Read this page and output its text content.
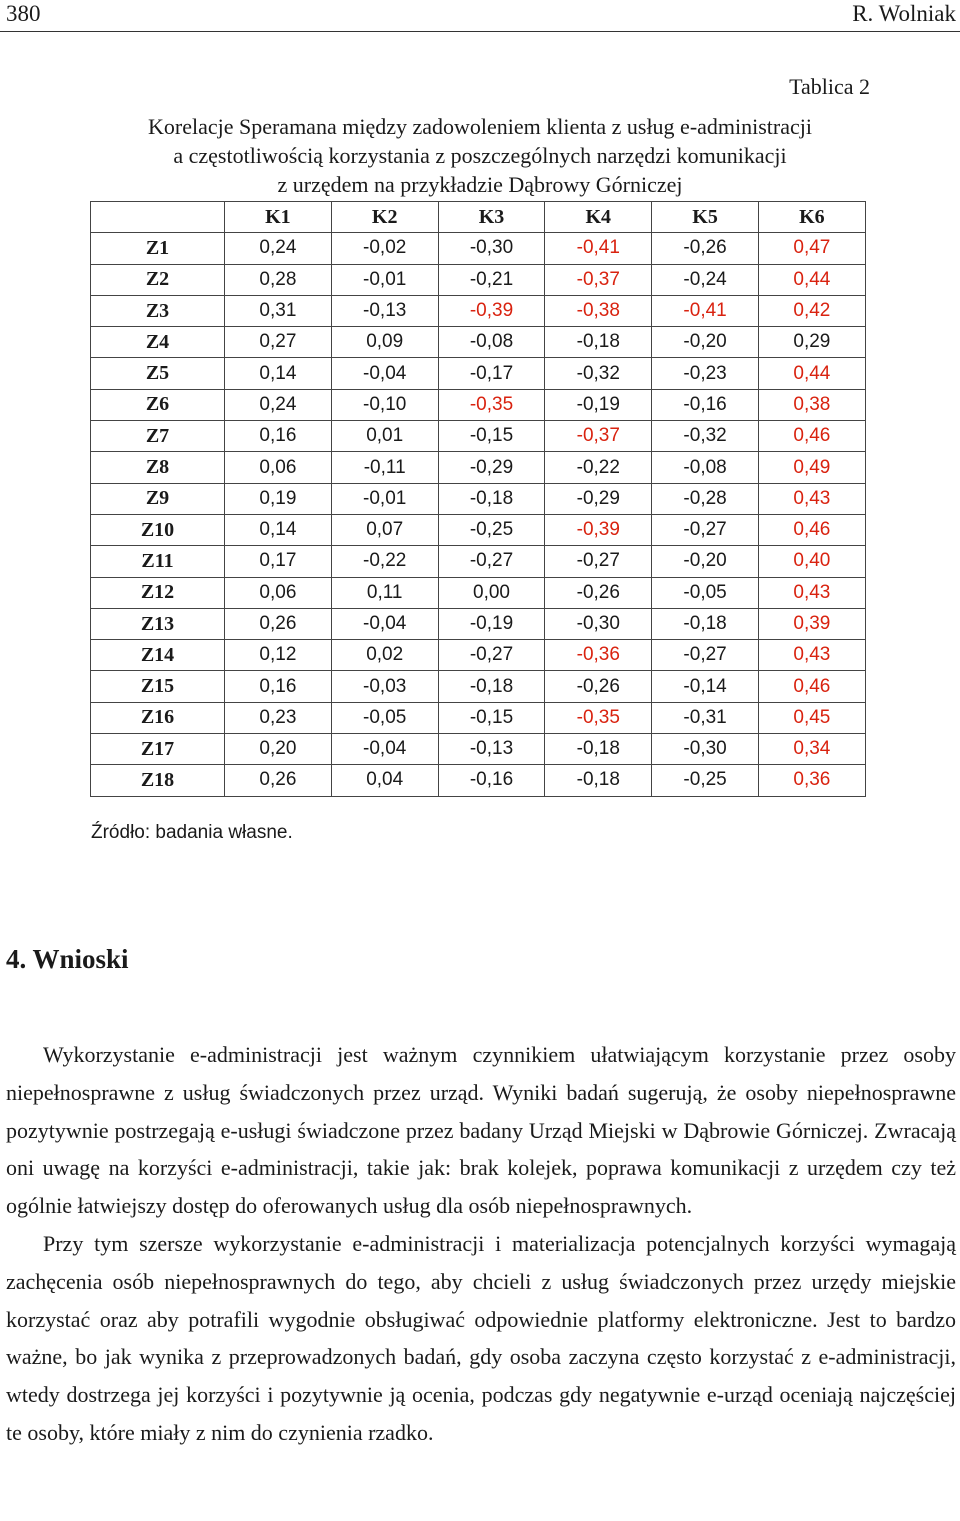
380	R. Wolniak
Tablica 2
Korelacje Speramana między zadowoleniem klienta z usług e-administracji
a częstotliwością korzystania z poszczególnych narzędzi komunikacji
z urzędem na przykładzie Dąbrowy Górniczej
	K1	K2	K3	K4	K5	K6
Z1	0,24	-0,02	-0,30	-0,41	-0,26	0,47
Z2	0,28	-0,01	-0,21	-0,37	-0,24	0,44
Z3	0,31	-0,13	-0,39	-0,38	-0,41	0,42
Z4	0,27	0,09	-0,08	-0,18	-0,20	0,29
Z5	0,14	-0,04	-0,17	-0,32	-0,23	0,44
Z6	0,24	-0,10	-0,35	-0,19	-0,16	0,38
Z7	0,16	0,01	-0,15	-0,37	-0,32	0,46
Z8	0,06	-0,11	-0,29	-0,22	-0,08	0,49
Z9	0,19	-0,01	-0,18	-0,29	-0,28	0,43
Z10	0,14	0,07	-0,25	-0,39	-0,27	0,46
Z11	0,17	-0,22	-0,27	-0,27	-0,20	0,40
Z12	0,06	0,11	0,00	-0,26	-0,05	0,43
Z13	0,26	-0,04	-0,19	-0,30	-0,18	0,39
Z14	0,12	0,02	-0,27	-0,36	-0,27	0,43
Z15	0,16	-0,03	-0,18	-0,26	-0,14	0,46
Z16	0,23	-0,05	-0,15	-0,35	-0,31	0,45
Z17	0,20	-0,04	-0,13	-0,18	-0,30	0,34
Z18	0,26	0,04	-0,16	-0,18	-0,25	0,36
Źródło: badania własne.
4. Wnioski

Wykorzystanie e-administracji jest ważnym czynnikiem ułatwiającym korzystanie przez osoby niepełnosprawne z usług świadczonych przez urząd. Wyniki badań sugerują, że osoby niepełnosprawne pozytywnie postrzegają e-usługi świadczone przez badany Urząd Miejski w Dąbrowie Górniczej. Zwracają oni uwagę na korzyści e-administracji, takie jak: brak kolejek, poprawa komunikacji z urzędem czy też ogólnie łatwiejszy dostęp do oferowanych usług dla osób niepełnosprawnych.

Przy tym szersze wykorzystanie e-administracji i materializacja potencjalnych korzyści wymagają zachęcenia osób niepełnosprawnych do tego, aby chcieli z usług świadczonych przez urzędy miejskie korzystać oraz aby potrafili wygodnie obsługiwać odpowiednie platformy elektroniczne. Jest to bardzo ważne, bo jak wynika z przeprowadzonych badań, gdy osoba zaczyna często korzystać z e-administracji, wtedy dostrzega jej korzyści i pozytywnie ją ocenia, podczas gdy negatywnie e-urząd oceniają najczęściej te osoby, które miały z nim do czynienia rzadko.
